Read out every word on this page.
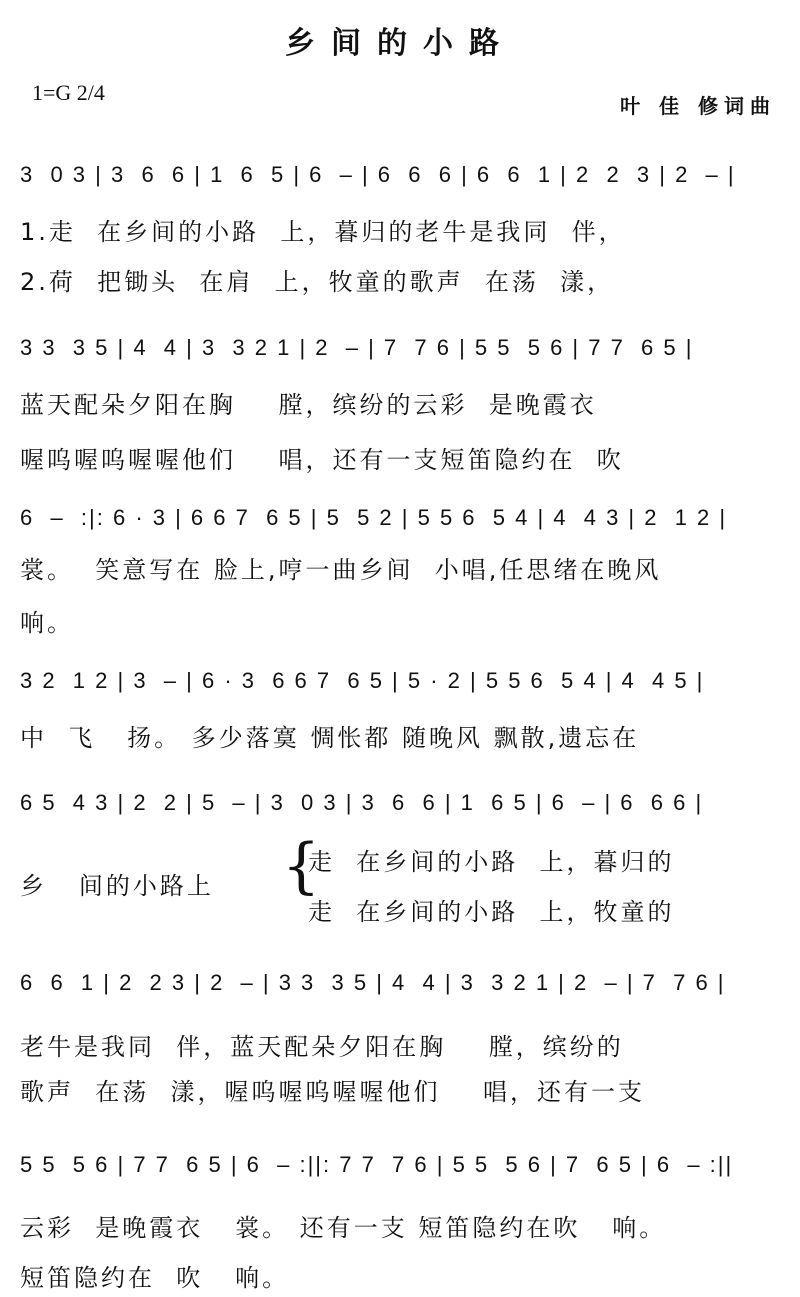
乡间的小路
1=G 2/4
叶 佳 修词曲

3  0 3 | 3  6  6 | 1  6  5 | 6  – | 6  6  6 | 6  6  1 | 2  2  3 | 2  – |

1.走  在乡间的小路  上，暮归的老牛是我同  伴，
2.荷  把锄头  在肩  上，牧童的歌声  在荡  漾，

3 3  3 5 | 4  4 | 3  3 2 1 | 2  – | 7  7 6 | 5 5  5 6 | 7 7  6 5 |

蓝天配朵夕阳在胸    膛，缤纷的云彩  是晚霞衣
喔呜喔呜喔喔他们    唱，还有一支短笛隐约在  吹

6  –  :|: 6 · 3 | 6 6 7  6 5 | 5  5 2 | 5 5 6  5 4 | 4  4 3 | 2  1 2 |

裳。  笑意写在 脸上,哼一曲乡间  小唱,任思绪在晚风
响。

3 2  1 2 | 3  – | 6 · 3  6 6 7  6 5 | 5 · 2 | 5 5 6  5 4 | 4  4 5 |

中  飞   扬。 多少落寞 惆怅都 随晚风 飘散,遗忘在

6 5  4 3 | 2  2 | 5  – | 3  0 3 | 3  6  6 | 1  6 5 | 6  – | 6  6 6 |

乡   间的小路上	{
走  在乡间的小路  上，暮归的
走  在乡间的小路  上，牧童的

6  6  1 | 2  2 3 | 2  – | 3 3  3 5 | 4  4 | 3  3 2 1 | 2  – | 7  7 6 |

老牛是我同  伴，蓝天配朵夕阳在胸    膛，缤纷的
歌声  在荡  漾，喔呜喔呜喔喔他们    唱，还有一支

5 5  5 6 | 7 7  6 5 | 6  – :||: 7 7  7 6 | 5 5  5 6 | 7  6 5 | 6  – :||

云彩  是晚霞衣   裳。 还有一支 短笛隐约在吹   响。
短笛隐约在  吹   响。
